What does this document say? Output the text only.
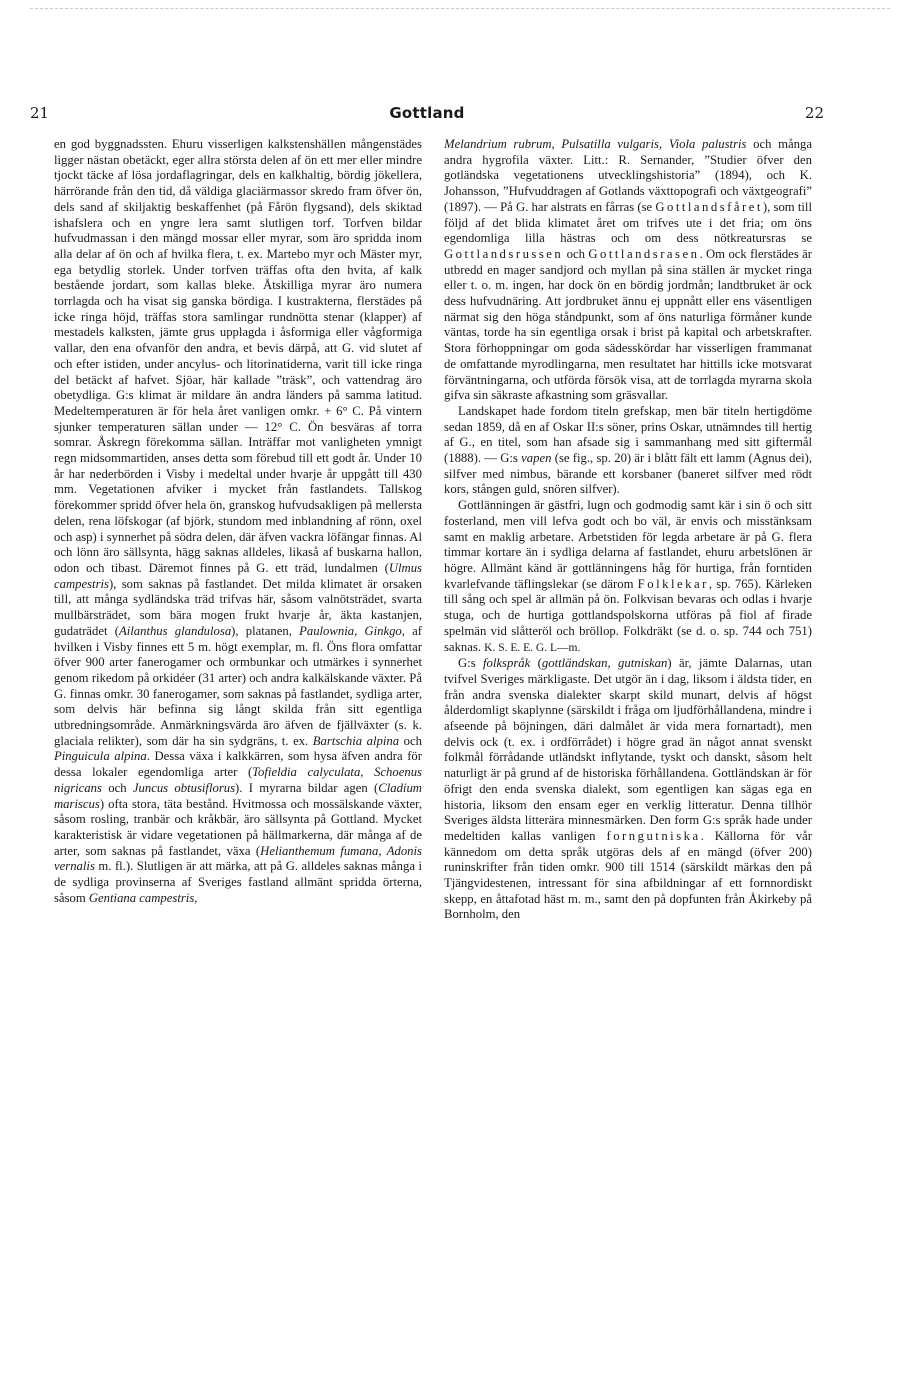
21	Gottland	22

en god byggnadssten. Ehuru visserligen kalkstenshällen mångenstädes ligger nästan obetäckt, eger allra största delen af ön ett mer eller mindre tjockt täcke af lösa jordaflagringar, dels en kalkhaltig, bördig jökellera, härrörande från den tid, då väldiga glaciärmassor skredo fram öfver ön, dels sand af skiljaktig beskaffenhet (på Fårön flygsand), dels skiktad ishafslera och en yngre lera samt slutligen torf. Torfven bildar hufvudmassan i den mängd mossar eller myrar, som äro spridda inom alla delar af ön och af hvilka flera, t. ex. Martebo myr och Mäster myr, ega betydlig storlek. Under torfven träffas ofta den hvita, af kalk bestående jordart, som kallas bleke. Åtskilliga myrar äro numera torrlagda och ha visat sig ganska bördiga. I kustrakterna, flerstädes på icke ringa höjd, träffas stora samlingar rundnötta stenar (klapper) af mestadels kalksten, jämte grus upplagda i åsformiga eller vågformiga vallar, den ena ofvanför den andra, et bevis därpå, att G. vid slutet af och efter istiden, under ancylus- och litorinatiderna, varit till icke ringa del betäckt af hafvet. Sjöar, här kallade ”träsk”, och vattendrag äro obetydliga. G:s klimat är mildare än andra länders på samma latitud. Medeltemperaturen är för hela året vanligen omkr. + 6° C. På vintern sjunker temperaturen sällan under — 12° C. Ön besväras af torra somrar. Åskregn förekomma sällan. Inträffar mot vanligheten ymnigt regn midsommartiden, anses detta som förebud till ett godt år. Under 10 år har nederbörden i Visby i medeltal under hvarje år uppgått till 430 mm. Vegetationen afviker i mycket från fastlandets. Tallskog förekommer spridd öfver hela ön, granskog hufvudsakligen på mellersta delen, rena löfskogar (af björk, stundom med inblandning af rönn, oxel och asp) i synnerhet på södra delen, där äfven vackra löfängar finnas. Al och lönn äro sällsynta, hägg saknas alldeles, likaså af buskarna hallon, odon och tibast. Däremot finnes på G. ett träd, lundalmen (Ulmus campestris), som saknas på fastlandet. Det milda klimatet är orsaken till, att många sydländska träd trifvas här, såsom valnötsträdet, svarta mullbärsträdet, som bära mogen frukt hvarje år, äkta kastanjen, gudaträdet (Ailanthus glandulosa), platanen, Paulownia, Ginkgo, af hvilken i Visby finnes ett 5 m. högt exemplar, m. fl. Öns flora omfattar öfver 900 arter fanerogamer och ormbunkar och utmärkes i synnerhet genom rikedom på orkidéer (31 arter) och andra kalkälskande växter. På G. finnas omkr. 30 fanerogamer, som saknas på fastlandet, sydliga arter, som delvis här befinna sig långt skilda från sitt egentliga utbredningsområde. Anmärkningsvärda äro äfven de fjällväxter (s. k. glaciala relikter), som där ha sin sydgräns, t. ex. Bartschia alpina och Pinguicula alpina. Dessa växa i kalkkärren, som hysa äfven andra för dessa lokaler egendomliga arter (Tofieldia calyculata, Schoenus nigricans och Juncus obtusiflorus). I myrarna bildar agen (Cladium mariscus) ofta stora, täta bestånd. Hvitmossa och mossälskande växter, såsom rosling, tranbär och kråkbär, äro sällsynta på Gottland. Mycket karakteristisk är vidare vegetationen på hällmarkerna, där många af de arter, som saknas på fastlandet, växa (Helianthemum fumana, Adonis vernalis m. fl.). Slutligen är att märka, att på G. alldeles saknas många i de sydliga provinserna af Sveriges fastland allmänt spridda örterna, såsom Gentiana campestris,

Melandrium rubrum, Pulsatilla vulgaris, Viola palustris och många andra hygrofila växter. Litt.: R. Sernander, ”Studier öfver den gotländska vegetationens utvecklingshistoria” (1894), och K. Johansson, ”Hufvuddragen af Gotlands växttopografi och växtgeografi” (1897). — På G. har alstrats en fårras (se Gottlandsfåret), som till följd af det blida klimatet året om trifves ute i det fria; om öns egendomliga lilla hästras och om dess nötkreatursras se Gottlandsrussen och Gottlandsrasen. Om ock flerstädes är utbredd en mager sandjord och myllan på sina ställen är mycket ringa eller t. o. m. ingen, har dock ön en bördig jordmån; landtbruket är ock dess hufvudnäring. Att jordbruket ännu ej uppnått eller ens väsentligen närmat sig den höga ståndpunkt, som af öns naturliga förmåner kunde väntas, torde ha sin egentliga orsak i brist på kapital och arbetskrafter. Stora förhoppningar om goda sädesskördar har visserligen frammanat de omfattande myrodlingarna, men resultatet har hittills icke motsvarat förväntningarna, och utförda försök visa, att de torrlagda myrarna skola gifva sin säkraste afkastning som gräsvallar.

Landskapet hade fordom titeln grefskap, men bär titeln hertigdöme sedan 1859, då en af Oskar II:s söner, prins Oskar, utnämndes till hertig af G., en titel, som han afsade sig i sammanhang med sitt giftermål (1888). — G:s vapen (se fig., sp. 20) är i blått fält ett lamm (Agnus dei), silfver med nimbus, bärande ett korsbaner (baneret silfver med rödt kors, stången guld, snören silfver).

Gottlänningen är gästfri, lugn och godmodig samt kär i sin ö och sitt fosterland, men vill lefva godt och bo väl, är envis och misstänksam samt en maklig arbetare. Arbetstiden för legda arbetare är på G. flera timmar kortare än i sydliga delarna af fastlandet, ehuru arbetslönen är högre. Allmänt känd är gottlänningens håg för hurtiga, från forntiden kvarlefvande täflingslekar (se därom Folklekar, sp. 765). Kärleken till sång och spel är allmän på ön. Folkvisan bevaras och odlas i hvarje stuga, och de hurtiga gottlandspolskorna utföras på fiol af firade spelmän vid slåtteröl och bröllop. Folkdräkt (se d. o. sp. 744 och 751) saknas. K. S. E. E. G. L—m.

G:s folkspråk (gottländskan, gutniskan) är, jämte Dalarnas, utan tvifvel Sveriges märkligaste. Det utgör än i dag, liksom i äldsta tider, en från andra svenska dialekter skarpt skild munart, delvis af högst ålderdomligt skaplynne (särskildt i fråga om ljudförhållandena, mindre i afseende på böjningen, däri dalmålet är vida mera fornartadt), men delvis ock (t. ex. i ordförrådet) i högre grad än något annat svenskt folkmål förrådande utländskt inflytande, tyskt och danskt, såsom helt naturligt är på grund af de historiska förhållandena. Gottländskan är för öfrigt den enda svenska dialekt, som egentligen kan sägas ega en historia, liksom den ensam eger en verklig litteratur. Denna tillhör Sveriges äldsta litterära minnesmärken. Den form G:s språk hade under medeltiden kallas vanligen forngutniska. Källorna för vår kännedom om detta språk utgöras dels af en mängd (öfver 200) runinskrifter från tiden omkr. 900 till 1514 (särskildt märkas den på Tjängvidestenen, intressant för sina afbildningar af ett fornnordiskt skepp, en åttafotad häst m. m., samt den på dopfunten från Åkirkeby på Bornholm, den
